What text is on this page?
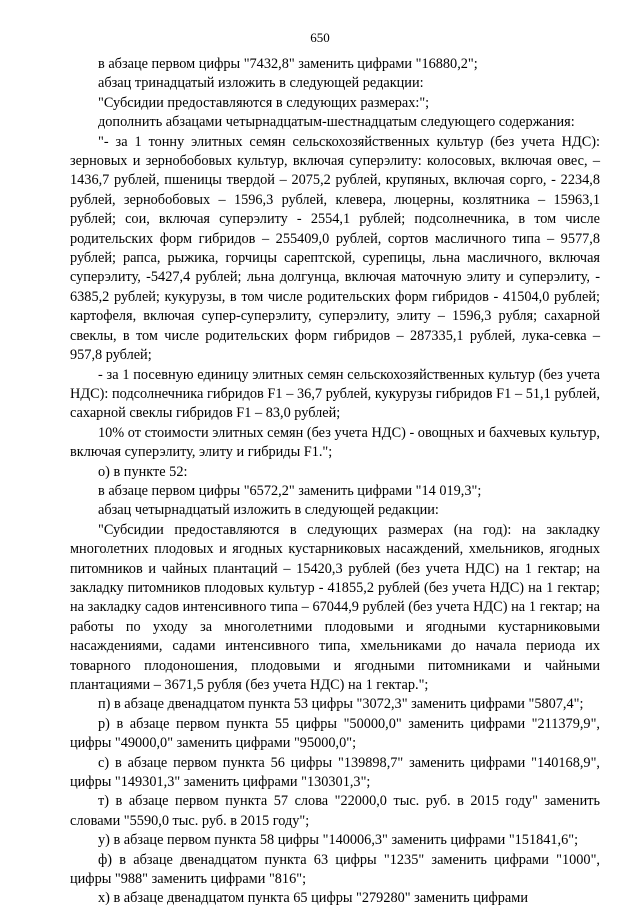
650

в абзаце первом цифры "7432,8" заменить цифрами "16880,2";

абзац тринадцатый изложить в следующей редакции:

"Субсидии предоставляются в следующих размерах:";

дополнить абзацами четырнадцатым-шестнадцатым следующего содержания:

"- за 1 тонну элитных семян сельскохозяйственных культур (без учета НДС): зерновых и зернобобовых культур, включая суперэлиту: колосовых, включая овес, – 1436,7 рублей, пшеницы твердой – 2075,2 рублей, крупяных, включая сорго, - 2234,8 рублей, зернобобовых – 1596,3 рублей, клевера, люцерны, козлятника – 15963,1 рублей; сои, включая суперэлиту - 2554,1 рублей; подсолнечника, в том числе родительских форм гибридов – 255409,0 рублей, сортов масличного типа – 9577,8 рублей; рапса, рыжика, горчицы сарептской, сурепицы, льна масличного, включая суперэлиту, -5427,4 рублей; льна долгунца, включая маточную элиту и суперэлиту, - 6385,2 рублей; кукурузы, в том числе родительских форм гибридов - 41504,0 рублей; картофеля, включая супер-суперэлиту, суперэлиту, элиту – 1596,3 рубля; сахарной свеклы, в том числе родительских форм гибридов – 287335,1 рублей, лука-севка – 957,8 рублей;

- за 1 посевную единицу элитных семян сельскохозяйственных культур (без учета НДС): подсолнечника гибридов F1 – 36,7 рублей, кукурузы гибридов F1 – 51,1 рублей, сахарной свеклы гибридов F1 – 83,0 рублей;

10% от стоимости элитных семян (без учета НДС) - овощных и бахчевых культур, включая суперэлиту, элиту и гибриды F1.";

о) в пункте 52:

в абзаце первом цифры "6572,2" заменить цифрами "14 019,3";

абзац четырнадцатый изложить в следующей редакции:

"Субсидии предоставляются в следующих размерах (на год): на закладку многолетних плодовых и ягодных кустарниковых насаждений, хмельников, ягодных питомников и чайных плантаций – 15420,3 рублей (без учета НДС) на 1 гектар; на закладку питомников плодовых культур - 41855,2 рублей (без учета НДС) на 1 гектар; на закладку садов интенсивного типа – 67044,9 рублей (без учета НДС) на 1 гектар; на работы по уходу за многолетними плодовыми и ягодными кустарниковыми насаждениями, садами интенсивного типа, хмельниками до начала периода их товарного плодоношения, плодовыми и ягодными питомниками и чайными плантациями – 3671,5 рубля (без учета НДС) на 1 гектар.";

п) в абзаце двенадцатом пункта 53 цифры "3072,3" заменить цифрами "5807,4";

р) в абзаце первом пункта 55 цифры "50000,0" заменить цифрами "211379,9", цифры "49000,0" заменить цифрами "95000,0";

с) в абзаце первом пункта 56 цифры "139898,7" заменить цифрами "140168,9", цифры "149301,3" заменить цифрами "130301,3";

т) в абзаце первом пункта 57 слова "22000,0 тыс. руб. в 2015 году" заменить словами "5590,0 тыс. руб. в 2015 году";

у) в абзаце первом пункта 58 цифры "140006,3" заменить цифрами "151841,6";

ф) в абзаце двенадцатом пункта 63 цифры "1235" заменить цифрами "1000", цифры "988" заменить цифрами "816";

х) в абзаце двенадцатом пункта 65 цифры "279280" заменить цифрами
